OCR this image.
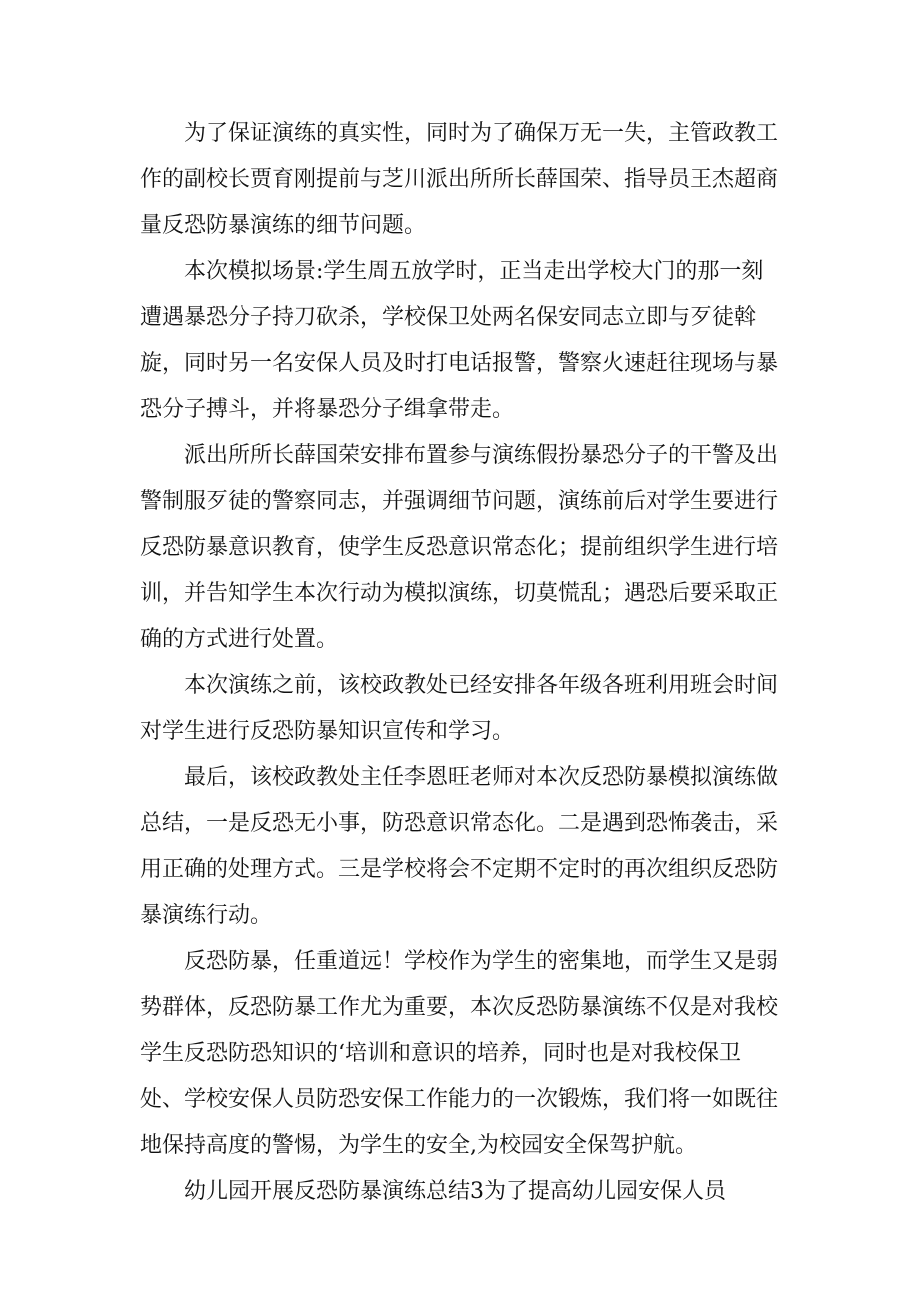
为了保证演练的真实性，同时为了确保万无一失，主管政教工作的副校长贾育刚提前与芝川派出所所长薛国荣、指导员王杰超商量反恐防暴演练的细节问题。

本次模拟场景:学生周五放学时，正当走出学校大门的那一刻遭遇暴恐分子持刀砍杀，学校保卫处两名保安同志立即与歹徒斡旋，同时另一名安保人员及时打电话报警，警察火速赶往现场与暴恐分子搏斗，并将暴恐分子缉拿带走。

派出所所长薛国荣安排布置参与演练假扮暴恐分子的干警及出警制服歹徒的警察同志，并强调细节问题，演练前后对学生要进行反恐防暴意识教育，使学生反恐意识常态化；提前组织学生进行培训，并告知学生本次行动为模拟演练，切莫慌乱；遇恐后要采取正确的方式进行处置。

本次演练之前，该校政教处已经安排各年级各班利用班会时间对学生进行反恐防暴知识宣传和学习。

最后，该校政教处主任李恩旺老师对本次反恐防暴模拟演练做总结，一是反恐无小事，防恐意识常态化。二是遇到恐怖袭击，采用正确的处理方式。三是学校将会不定期不定时的再次组织反恐防暴演练行动。

反恐防暴，任重道远！学校作为学生的密集地，而学生又是弱势群体，反恐防暴工作尤为重要，本次反恐防暴演练不仅是对我校学生反恐防恐知识的‘培训和意识的培养，同时也是对我校保卫处、学校安保人员防恐安保工作能力的一次锻炼，我们将一如既往地保持高度的警惕，为学生的安全,为校园安全保驾护航。

幼儿园开展反恐防暴演练总结3为了提高幼儿园安保人员
